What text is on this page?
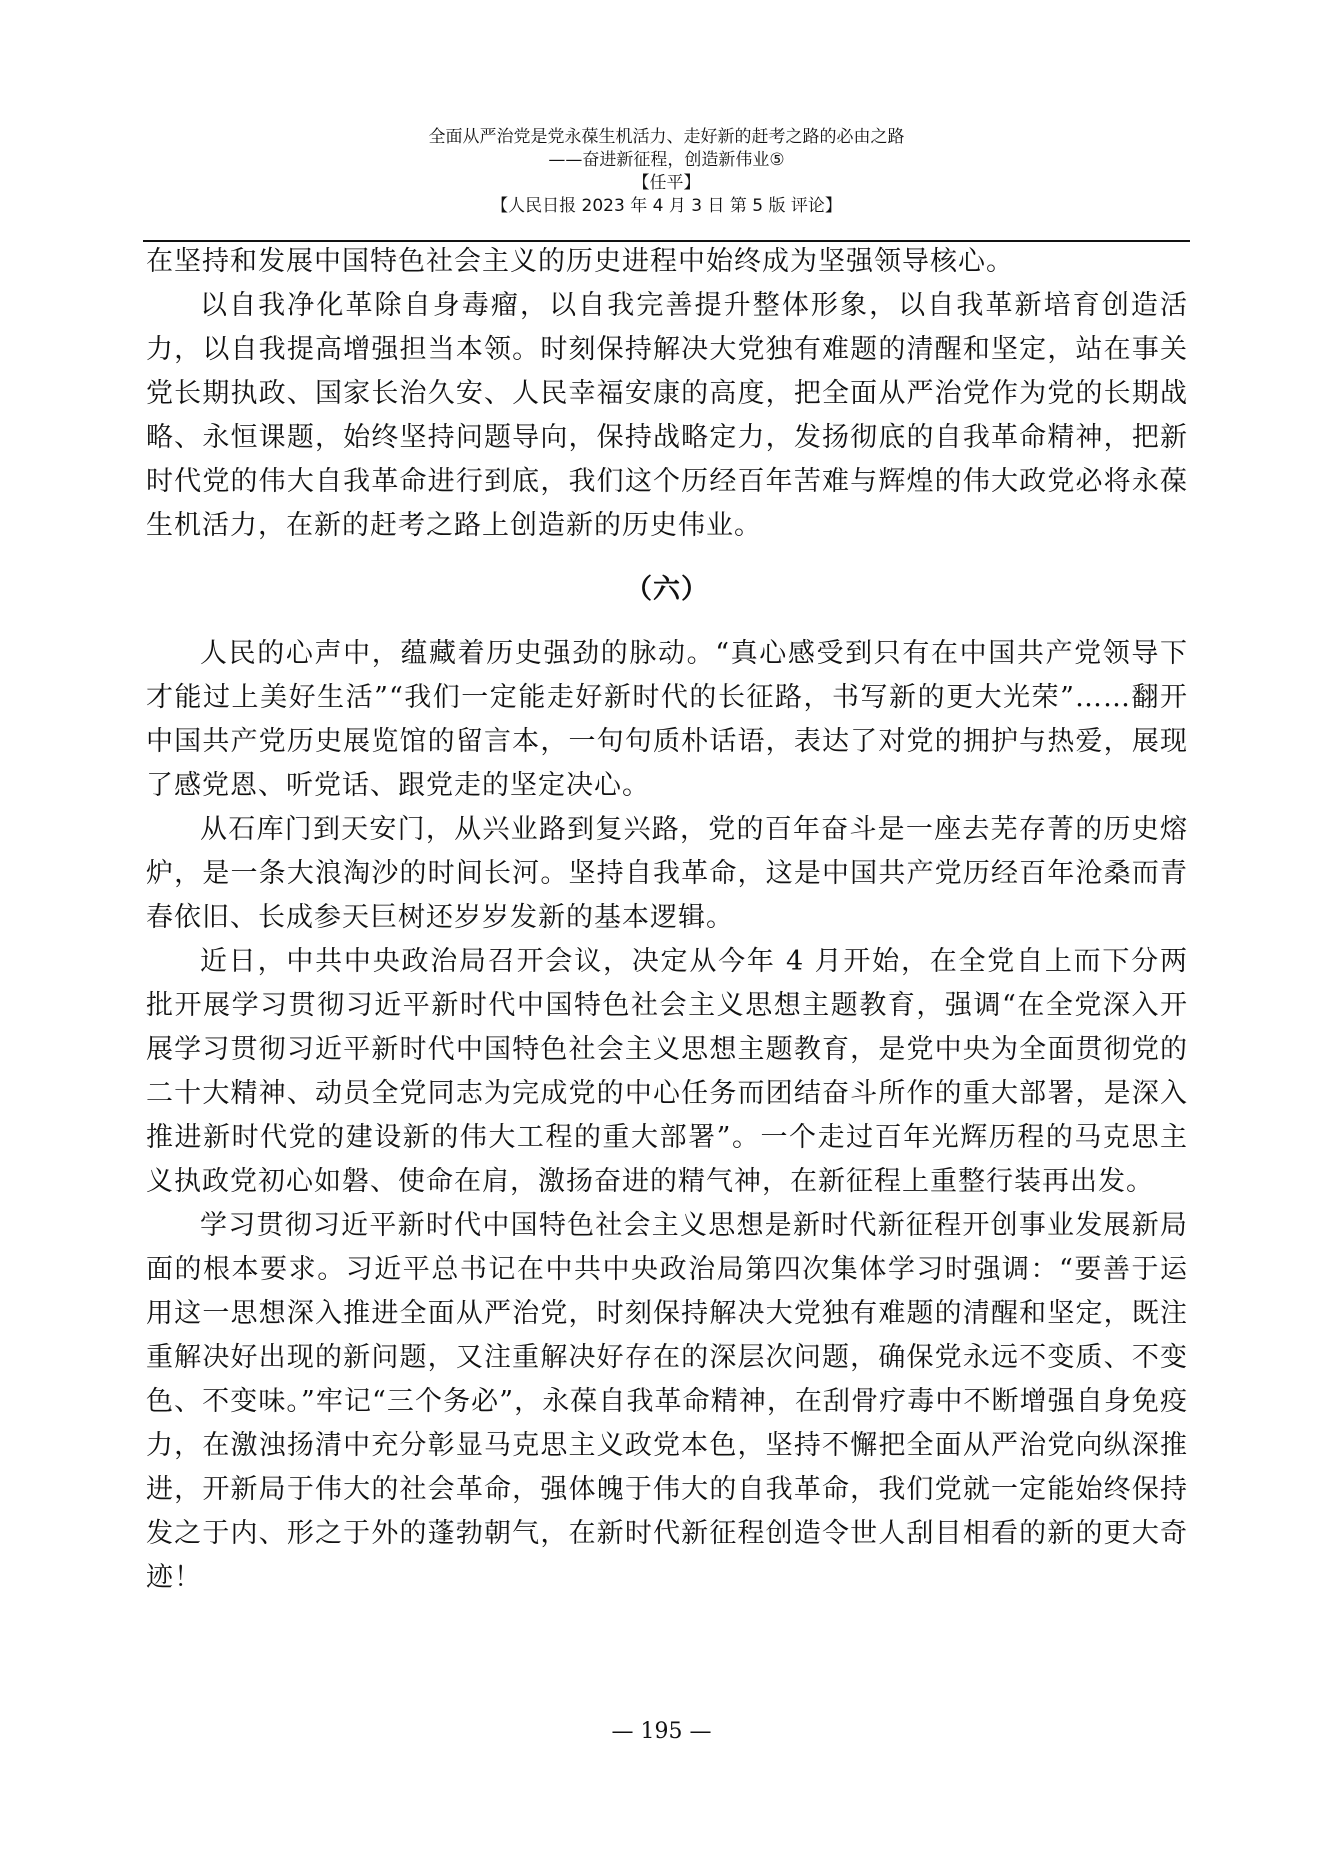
全面从严治党是党永葆生机活力、走好新的赶考之路的必由之路
——奋进新征程，创造新伟业⑤
【任平】
【人民日报 2023 年 4 月 3 日 第 5 版 评论】

在坚持和发展中国特色社会主义的历史进程中始终成为坚强领导核心。

以自我净化革除自身毒瘤，以自我完善提升整体形象，以自我革新培育创造活力，以自我提高增强担当本领。时刻保持解决大党独有难题的清醒和坚定，站在事关党长期执政、国家长治久安、人民幸福安康的高度，把全面从严治党作为党的长期战略、永恒课题，始终坚持问题导向，保持战略定力，发扬彻底的自我革命精神，把新时代党的伟大自我革命进行到底，我们这个历经百年苦难与辉煌的伟大政党必将永葆生机活力，在新的赶考之路上创造新的历史伟业。

（六）

人民的心声中，蕴藏着历史强劲的脉动。“真心感受到只有在中国共产党领导下才能过上美好生活”“我们一定能走好新时代的长征路，书写新的更大光荣”……翻开中国共产党历史展览馆的留言本，一句句质朴话语，表达了对党的拥护与热爱，展现了感党恩、听党话、跟党走的坚定决心。

从石库门到天安门，从兴业路到复兴路，党的百年奋斗是一座去芜存菁的历史熔炉，是一条大浪淘沙的时间长河。坚持自我革命，这是中国共产党历经百年沧桑而青春依旧、长成参天巨树还岁岁发新的基本逻辑。

近日，中共中央政治局召开会议，决定从今年 4 月开始，在全党自上而下分两批开展学习贯彻习近平新时代中国特色社会主义思想主题教育，强调“在全党深入开展学习贯彻习近平新时代中国特色社会主义思想主题教育，是党中央为全面贯彻党的二十大精神、动员全党同志为完成党的中心任务而团结奋斗所作的重大部署，是深入推进新时代党的建设新的伟大工程的重大部署”。一个走过百年光辉历程的马克思主义执政党初心如磐、使命在肩，激扬奋进的精气神，在新征程上重整行装再出发。

学习贯彻习近平新时代中国特色社会主义思想是新时代新征程开创事业发展新局面的根本要求。习近平总书记在中共中央政治局第四次集体学习时强调：“要善于运用这一思想深入推进全面从严治党，时刻保持解决大党独有难题的清醒和坚定，既注重解决好出现的新问题，又注重解决好存在的深层次问题，确保党永远不变质、不变色、不变味。”牢记“三个务必”，永葆自我革命精神，在刮骨疗毒中不断增强自身免疫力，在激浊扬清中充分彰显马克思主义政党本色，坚持不懈把全面从严治党向纵深推进，开新局于伟大的社会革命，强体魄于伟大的自我革命，我们党就一定能始终保持发之于内、形之于外的蓬勃朝气，在新时代新征程创造令世人刮目相看的新的更大奇迹！

— 195 —
